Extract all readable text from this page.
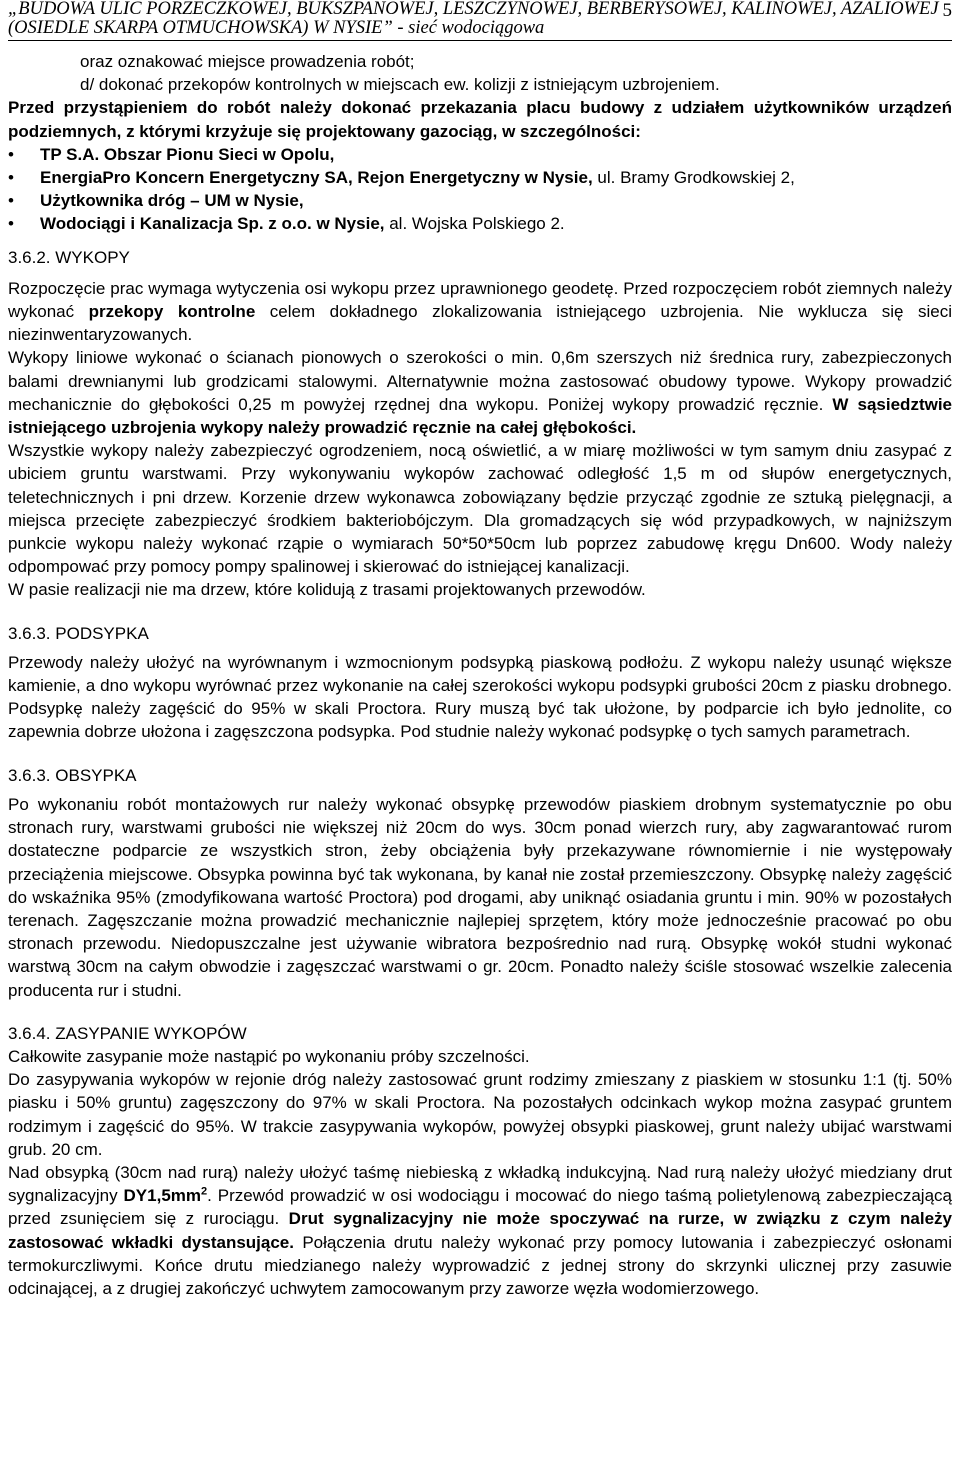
„BUDOWA ULIC PORZECZKOWEJ, BUKSZPANOWEJ, LESZCZYNOWEJ, BERBERYSOWEJ, KALINOWEJ, AZALIOWEJ
(OSIEDLE SKARPA OTMUCHOWSKA) W NYSIE” - sieć wodociągowa
5

oraz oznakować miejsce prowadzenia robót;

d/ dokonać przekopów kontrolnych w miejscach ew. kolizji z istniejącym uzbrojeniem.

Przed przystąpieniem do robót należy dokonać przekazania placu budowy z udziałem użytkowników urządzeń podziemnych, z którymi krzyżuje się projektowany gazociąg, w szczególności:

• TP S.A. Obszar Pionu Sieci w Opolu,
• EnergiaPro Koncern Energetyczny SA, Rejon Energetyczny w Nysie, ul. Bramy Grodkowskiej 2,
• Użytkownika dróg – UM w Nysie,
• Wodociągi i Kanalizacja Sp. z o.o. w Nysie, al. Wojska Polskiego 2.

3.6.2. WYKOPY

Rozpoczęcie prac wymaga wytyczenia osi wykopu przez uprawnionego geodetę. Przed rozpoczęciem robót ziemnych należy wykonać przekopy kontrolne celem dokładnego zlokalizowania istniejącego uzbrojenia. Nie wyklucza się sieci niezinwentaryzowanych.

Wykopy liniowe wykonać o ścianach pionowych o szerokości o min. 0,6m szerszych niż średnica rury, zabezpieczonych balami drewnianymi lub grodzicami stalowymi. Alternatywnie można zastosować obudowy typowe. Wykopy prowadzić mechanicznie do głębokości 0,25 m powyżej rzędnej dna wykopu. Poniżej wykopy prowadzić ręcznie. W sąsiedztwie istniejącego uzbrojenia wykopy należy prowadzić ręcznie na całej głębokości.

Wszystkie wykopy należy zabezpieczyć ogrodzeniem, nocą oświetlić, a w miarę możliwości w tym samym dniu zasypać z ubiciem gruntu warstwami. Przy wykonywaniu wykopów zachować odległość 1,5 m od słupów energetycznych, teletechnicznych i pni drzew. Korzenie drzew wykonawca zobowiązany będzie przycząć zgodnie ze sztuką pielęgnacji, a miejsca przecięte zabezpieczyć środkiem bakteriobójczym. Dla gromadzących się wód przypadkowych, w najniższym punkcie wykopu należy wykonać rząpie o wymiarach 50*50*50cm lub poprzez zabudowę kręgu Dn600. Wody należy odpompować przy pomocy pompy spalinowej i skierować do istniejącej kanalizacji.

W pasie realizacji nie ma drzew, które kolidują z trasami projektowanych przewodów.

3.6.3. PODSYPKA

Przewody należy ułożyć na wyrównanym i wzmocnionym podsypką piaskową podłożu. Z wykopu należy usunąć większe kamienie, a dno wykopu wyrównać przez wykonanie na całej szerokości wykopu podsypki grubości 20cm z piasku drobnego. Podsypkę należy zagęścić do 95% w skali Proctora. Rury muszą być tak ułożone, by podparcie ich było jednolite, co zapewnia dobrze ułożona i zagęszczona podsypka. Pod studnie należy wykonać podsypkę o tych samych parametrach.

3.6.3. OBSYPKA

Po wykonaniu robót montażowych rur należy wykonać obsypkę przewodów piaskiem drobnym systematycznie po obu stronach rury, warstwami grubości nie większej niż 20cm do wys. 30cm ponad wierzch rury, aby zagwarantować rurom dostateczne podparcie ze wszystkich stron, żeby obciążenia były przekazywane równomiernie i nie występowały przeciążenia miejscowe. Obsypka powinna być tak wykonana, by kanał nie został przemieszczony. Obsypkę należy zagęścić do wskaźnika 95% (zmodyfikowana wartość Proctora) pod drogami, aby uniknąć osiadania gruntu i min. 90% w pozostałych terenach. Zagęszczanie można prowadzić mechanicznie najlepiej sprzętem, który może jednocześnie pracować po obu stronach przewodu. Niedopuszczalne jest używanie wibratora bezpośrednio nad rurą. Obsypkę wokół studni wykonać warstwą 30cm na całym obwodzie i zagęszczać warstwami o gr. 20cm. Ponadto należy ściśle stosować wszelkie zalecenia producenta rur i studni.

3.6.4. ZASYPANIE WYKOPÓW

Całkowite zasypanie może nastąpić po wykonaniu próby szczelności.

Do zasypywania wykopów w rejonie dróg należy zastosować grunt rodzimy zmieszany z piaskiem w stosunku 1:1 (tj. 50% piasku i 50% gruntu) zagęszczony do 97% w skali Proctora. Na pozostałych odcinkach wykop można zasypać gruntem rodzimym i zagęścić do 95%. W trakcie zasypywania wykopów, powyżej obsypki piaskowej, grunt należy ubijać warstwami grub. 20 cm.

Nad obsypką (30cm nad rurą) należy ułożyć taśmę niebieską z wkładką indukcyjną. Nad rurą należy ułożyć miedziany drut sygnalizacyjny $DY1,5mm^2$. Przewód prowadzić w osi wodociągu i mocować do niego taśmą polietylenową zabezpieczającą przed zsunięciem się z rurociągu. Drut sygnalizacyjny nie może spoczywać na rurze, w związku z czym należy zastosować wkładki dystansujące. Połączenia drutu należy wykonać przy pomocy lutowania i zabezpieczyć osłonami termokurczliwymi. Końce drutu miedzianego należy wyprowadzić z jednej strony do skrzynki ulicznej przy zasuwie odcinającej, a z drugiej zakończyć uchwytem zamocowanym przy zaworze węzła wodomierzowego.
